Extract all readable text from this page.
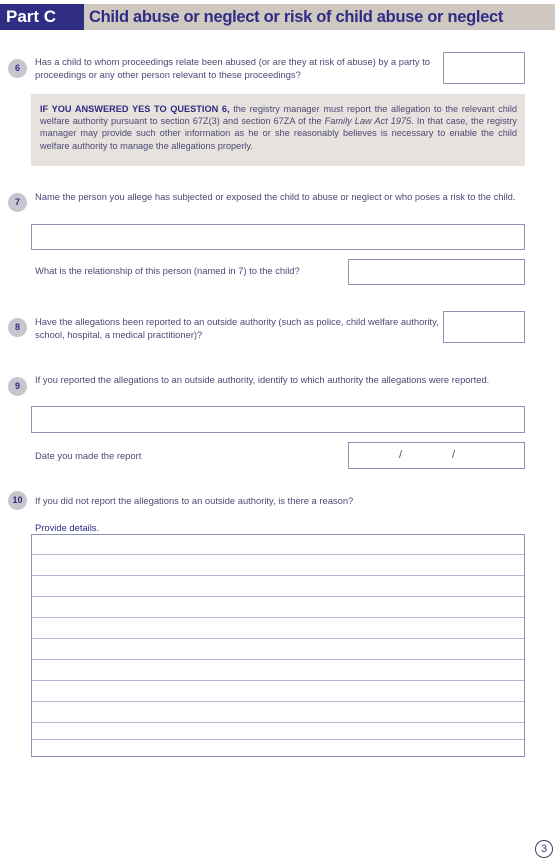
Part C	Child abuse or neglect or risk of child abuse or neglect
6
Has a child to whom proceedings relate been abused (or are they at risk of abuse) by a party to proceedings or any other person relevant to these proceedings?
IF YOU ANSWERED YES TO QUESTION 6, the registry manager must report the allegation to the relevant child welfare authority pursuant to section 67Z(3) and section 67ZA of the Family Law Act 1975. In that case, the registry manager may provide such other information as he or she reasonably believes is necessary to enable the child welfare authority to manage the allegations properly.
7	Name the person you allege has subjected or exposed the child to abuse or neglect or who poses a risk to the child.
What is the relationship of this person (named in 7) to the child?
8	Have the allegations been reported to an outside authority (such as police, child welfare authority, school, hospital, a medical practitioner)?
9
If you reported the allegations to an outside authority, identify to which authority the allegations were reported.
Date you made the report	/	/
10	If you did not report the allegations to an outside authority, is there a reason?
Provide details.
3
